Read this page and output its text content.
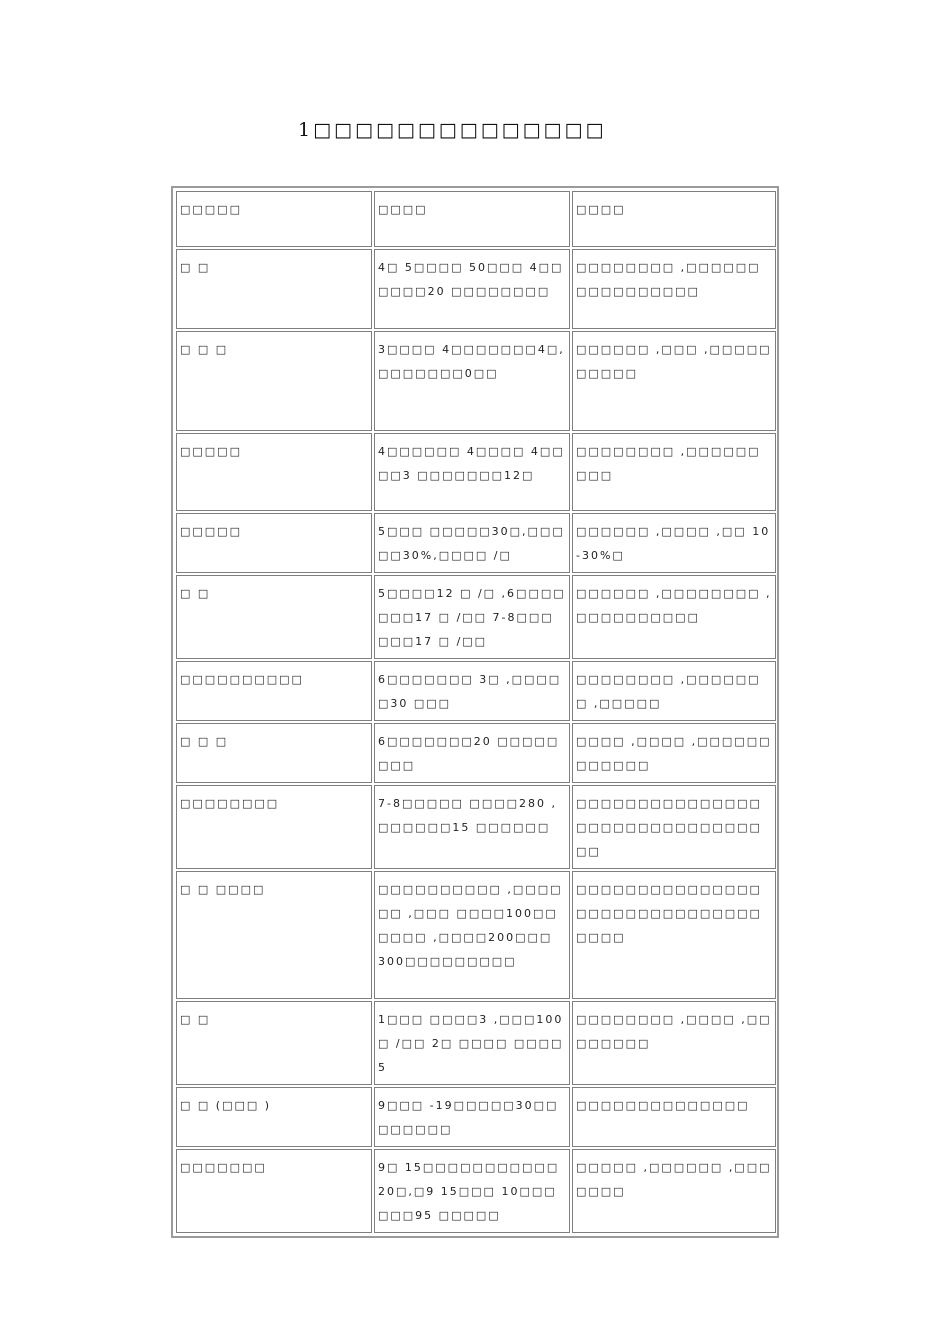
1□□□□□□□□□□□□□□
□□□□□	□□□□	□□□□
□ □	4□ 5□□□□ 50□□□ 4□□□□□□20 □□□□□□□□	□□□□□□□□ ,□□□□□□□□□□□□□□□□
□ □ □	3□□□□ 4□□□□□□□4□,□□□□□□□0□□	□□□□□□ ,□□□ ,□□□□□□□□□□
□□□□□	4□□□□□□ 4□□□□ 4□□□□3 □□□□□□□12□	□□□□□□□□ ,□□□□□□□□□
□□□□□	5□□□ □□□□□30□,□□□□□30%,□□□□ /□	□□□□□□ ,□□□□ ,□□ 10-30%□
□ □	5□□□□12 □ /□ ,6□□□□□□□17 □ /□□ 7-8□□□□□□17 □ /□□	□□□□□□ ,□□□□□□□□ ,□□□□□□□□□□
□□□□□□□□□□	6□□□□□□□ 3□ ,□□□□□30 □□□	□□□□□□□□ ,□□□□□□□ ,□□□□□
□ □ □	6□□□□□□□20 □□□□□□□□	□□□□ ,□□□□ ,□□□□□□□□□□□□
□□□□□□□□	7-8□□□□□ □□□□280 ,□□□□□□15 □□□□□□	□□□□□□□□□□□□□□□□□□□□□□□□□□□□□□□□
□ □ □□□□	□□□□□□□□□□ ,□□□□□□ ,□□□ □□□□100□□□□□□ ,□□□□200□□□ 300□□□□□□□□□	□□□□□□□□□□□□□□□□□□□□□□□□□□□□□□□□□□
□ □	1□□□ □□□□3 ,□□□100□ /□□ 2□ □□□□ □□□□5	□□□□□□□□ ,□□□□ ,□□□□□□□□
□ □ (□□□ )	9□□□ -19□□□□□30□□□□□□□□	□□□□□□□□□□□□□□
□□□□□□□	9□ 15□□□□□□□□□□□20□,□9 15□□□ 10□□□□□□95 □□□□□	□□□□□ ,□□□□□□ ,□□□□□□□
